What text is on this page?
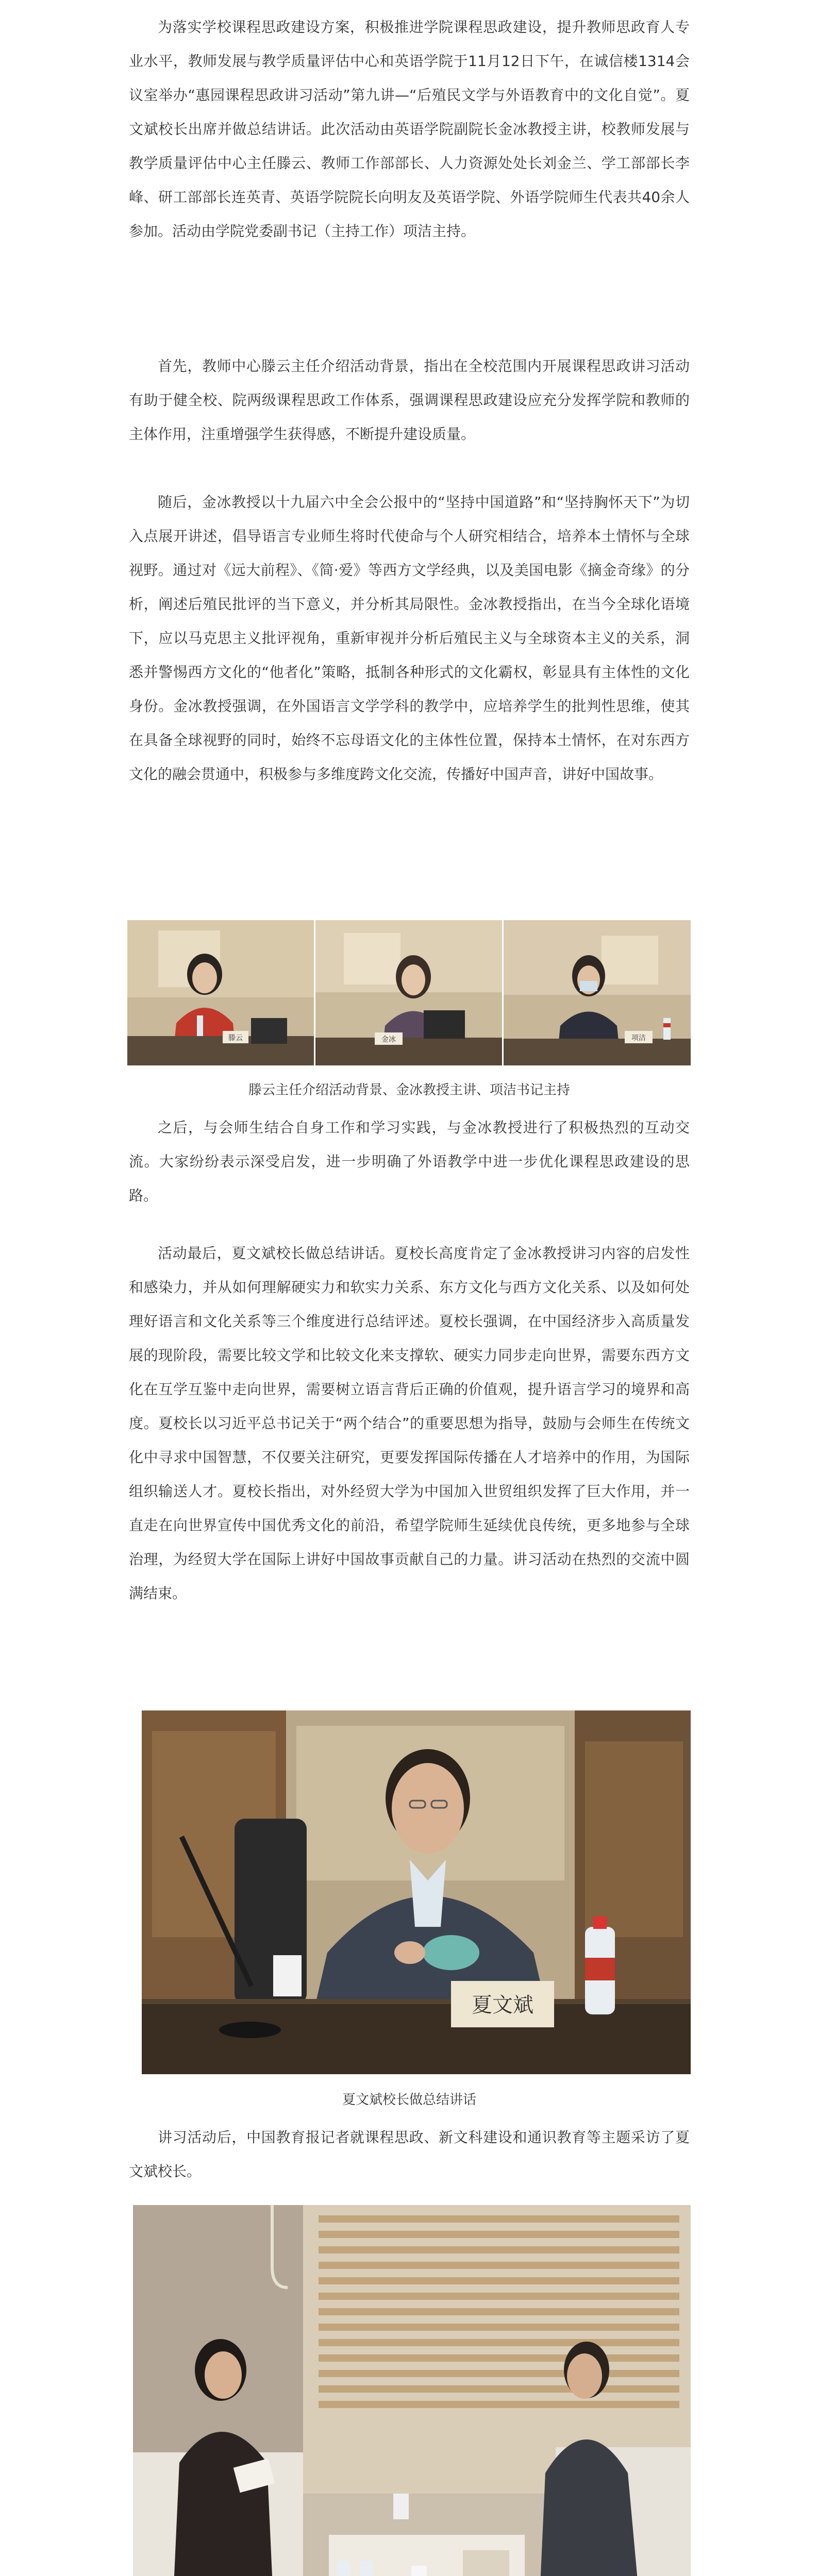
为落实学校课程思政建设方案，积极推进学院课程思政建设，提升教师思政育人专业水平，教师发展与教学质量评估中心和英语学院于11月12日下午，在诚信楼1314会议室举办“惠园课程思政讲习活动”第九讲—“后殖民文学与外语教育中的文化自觉”。夏文斌校长出席并做总结讲话。此次活动由英语学院副院长金冰教授主讲，校教师发展与教学质量评估中心主任滕云、教师工作部部长、人力资源处处长刘金兰、学工部部长李峰、研工部部长连英青、英语学院院长向明友及英语学院、外语学院师生代表共40余人参加。活动由学院党委副书记（主持工作）项洁主持。

首先，教师中心滕云主任介绍活动背景，指出在全校范围内开展课程思政讲习活动有助于健全校、院两级课程思政工作体系，强调课程思政建设应充分发挥学院和教师的主体作用，注重增强学生获得感，不断提升建设质量。

随后，金冰教授以十九届六中全会公报中的“坚持中国道路”和“坚持胸怀天下”为切入点展开讲述，倡导语言专业师生将时代使命与个人研究相结合，培养本土情怀与全球视野。通过对《远大前程》、《简·爱》等西方文学经典，以及美国电影《摘金奇缘》的分析，阐述后殖民批评的当下意义，并分析其局限性。金冰教授指出，在当今全球化语境下，应以马克思主义批评视角，重新审视并分析后殖民主义与全球资本主义的关系，洞悉并警惕西方文化的“他者化”策略，抵制各种形式的文化霸权，彰显具有主体性的文化身份。金冰教授强调，在外国语言文学学科的教学中，应培养学生的批判性思维，使其在具备全球视野的同时，始终不忘母语文化的主体性位置，保持本土情怀，在对东西方文化的融会贯通中，积极参与多维度跨文化交流，传播好中国声音，讲好中国故事。

滕云	金冰	项洁

滕云主任介绍活动背景、金冰教授主讲、项洁书记主持

之后，与会师生结合自身工作和学习实践，与金冰教授进行了积极热烈的互动交流。大家纷纷表示深受启发，进一步明确了外语教学中进一步优化课程思政建设的思路。

活动最后，夏文斌校长做总结讲话。夏校长高度肯定了金冰教授讲习内容的启发性和感染力，并从如何理解硬实力和软实力关系、东方文化与西方文化关系、以及如何处理好语言和文化关系等三个维度进行总结评述。夏校长强调，在中国经济步入高质量发展的现阶段，需要比较文学和比较文化来支撑软、硬实力同步走向世界，需要东西方文化在互学互鉴中走向世界，需要树立语言背后正确的价值观，提升语言学习的境界和高度。夏校长以习近平总书记关于“两个结合”的重要思想为指导，鼓励与会师生在传统文化中寻求中国智慧，不仅要关注研究，更要发挥国际传播在人才培养中的作用，为国际组织输送人才。夏校长指出，对外经贸大学为中国加入世贸组织发挥了巨大作用，并一直走在向世界宣传中国优秀文化的前沿，希望学院师生延续优良传统，更多地参与全球治理，为经贸大学在国际上讲好中国故事贡献自己的力量。讲习活动在热烈的交流中圆满结束。

夏文斌

夏文斌校长做总结讲话

讲习活动后，中国教育报记者就课程思政、新文科建设和通识教育等主题采访了夏文斌校长。
